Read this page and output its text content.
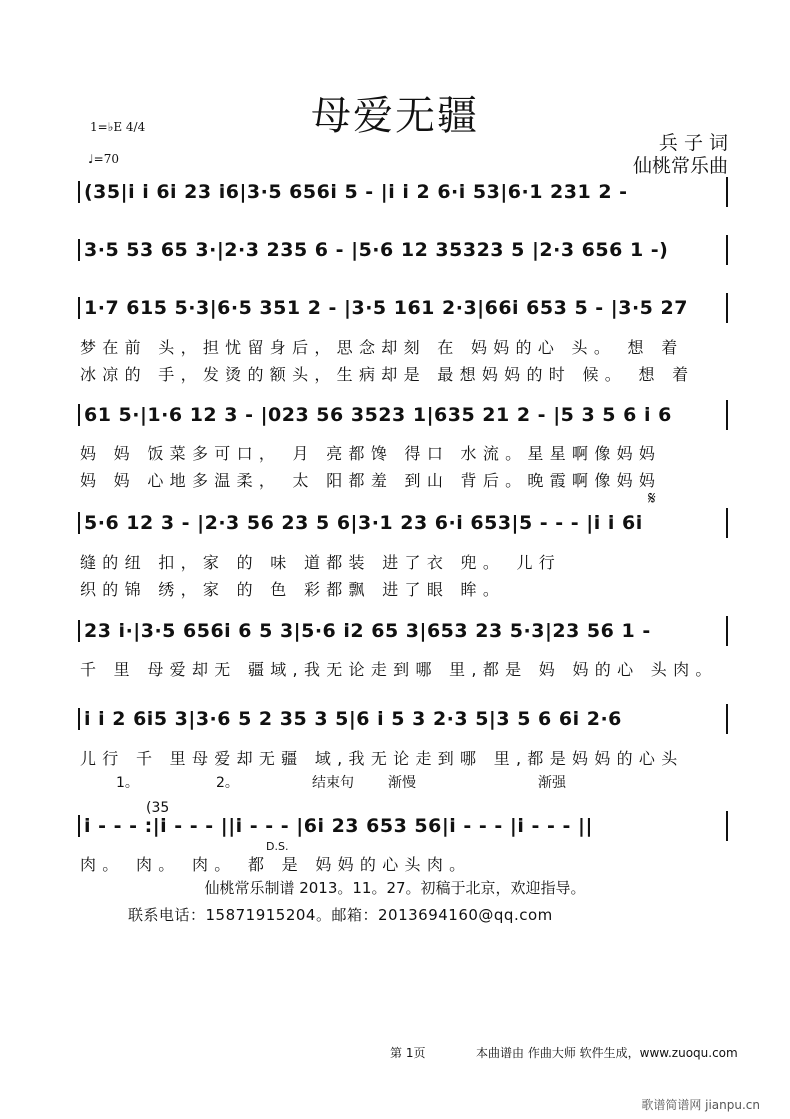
母爱无疆
兵 子 词
仙桃常乐曲
1=♭E 4/4
♩=70
(35|i i 6i 23 i6|3·5 656i 5 - |i i 2 6·i 53|6·1 231 2 -
3·5 53 65 3·|2·3 235 6 - |5·6 12 35323 5 |2·3 656 1 -)
1·7 615 5·3|6·5 351 2 - |3·5 161 2·3|66i 653 5 - |3·5 27
梦在前 头，担忧留身后，思念却刻 在 妈妈的心 头。 想 着
冰凉的 手，发烫的额头，生病却是 最想妈妈的时 候。 想 着
61 5·|1·6 12 3 - |023 56 3523 1|635 21 2 - |5 3 5 6 i 6
妈 妈 饭菜多可口， 月 亮都馋 得口 水流。星星啊像妈妈
妈 妈 心地多温柔， 太 阳都羞 到山 背后。晚霞啊像妈妈
5·6 12 3 - |2·3 56 23 5 6|3·1 23 6·i 653|5 - - - |i i 6i
𝄋
缝的纽 扣，家 的 味 道都装 进了衣 兜。 儿行
织的锦 绣，家 的 色 彩都飘 进了眼 眸。
23 i·|3·5 656i 6 5 3|5·6 i2 65 3|653 23 5·3|23 56 1 -
千 里 母爱却无 疆域,我无论走到哪 里,都是 妈 妈的心 头肉。
i i 2 6i5 3|3·6 5 2 35 3 5|6 i 5 3 2·3 5|3 5 6 6i 2·6
儿行 千 里母爱却无疆 域,我无论走到哪 里,都是妈妈的心头
1。	2。	结束句 渐慢	渐强
(35
i - - - :|i - - - ||i - - - |6i 23 653 56|i - - - |i - - - ||
D.S.
肉。 肉。 肉。 都 是 妈妈的心头肉。
仙桃常乐制谱 2013。11。27。初稿于北京，欢迎指导。
联系电话：15871915204。邮箱：2013694160@qq.com
第 1页	本曲谱由 作曲大师 软件生成，www.zuoqu.com
歌谱简谱网 jianpu.cn
